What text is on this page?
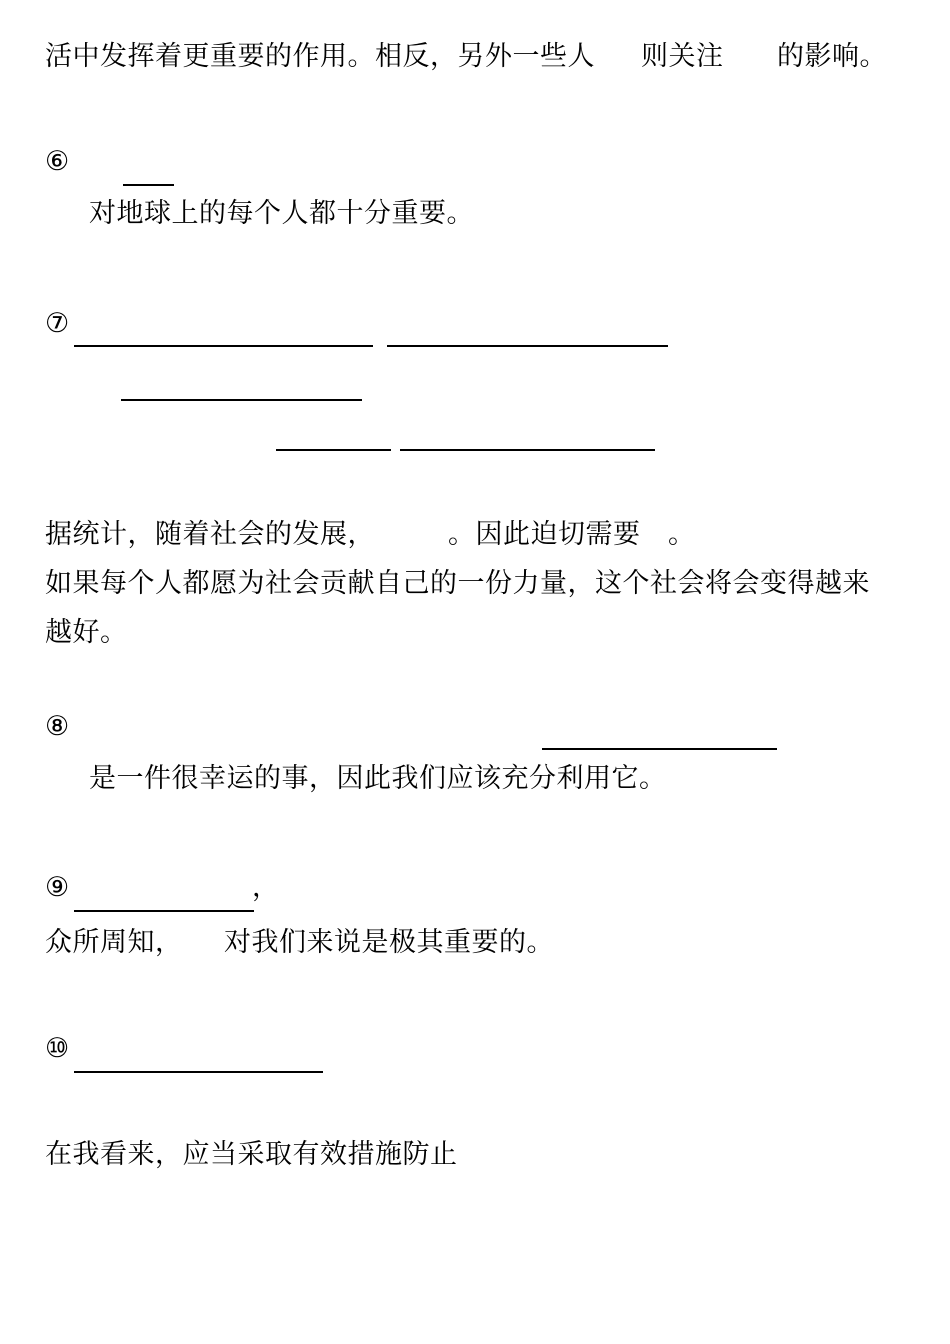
活中发挥着更重要的作用。相反，另外一些人 则关注 的影响。
⑥
对地球上的每个人都十分重要。
⑦
据统计，随着社会的发展，	。因此迫切需要 。
如果每个人都愿为社会贡献自己的一份力量，这个社会将会变得越来
越好。
⑧
是一件很幸运的事，因此我们应该充分利用它。
⑨	，
众所周知， 对我们来说是极其重要的。
⑩
在我看来，应当采取有效措施防止
